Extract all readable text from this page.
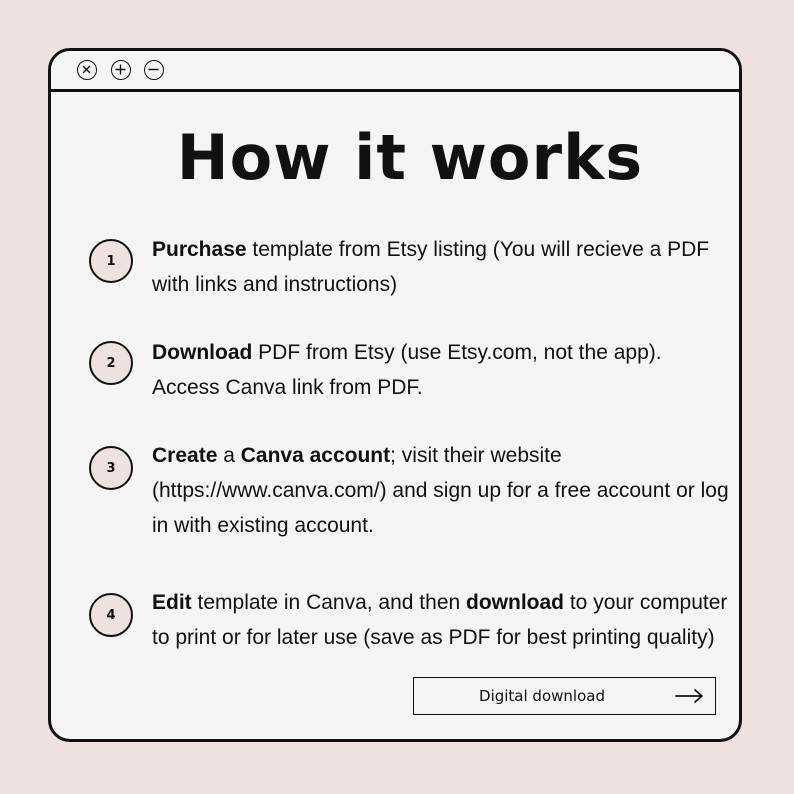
How it works
1	Purchase template from Etsy listing (You will recieve a PDF with links and instructions)
2	Download PDF from Etsy (use Etsy.com, not the app). Access Canva link from PDF.
3
Create a Canva account; visit their website (https://www.canva.com/) and sign up for a free account or log in with existing account.
4
Edit template in Canva, and then download to your computer to print or for later use (save as PDF for best printing quality)
Digital download
